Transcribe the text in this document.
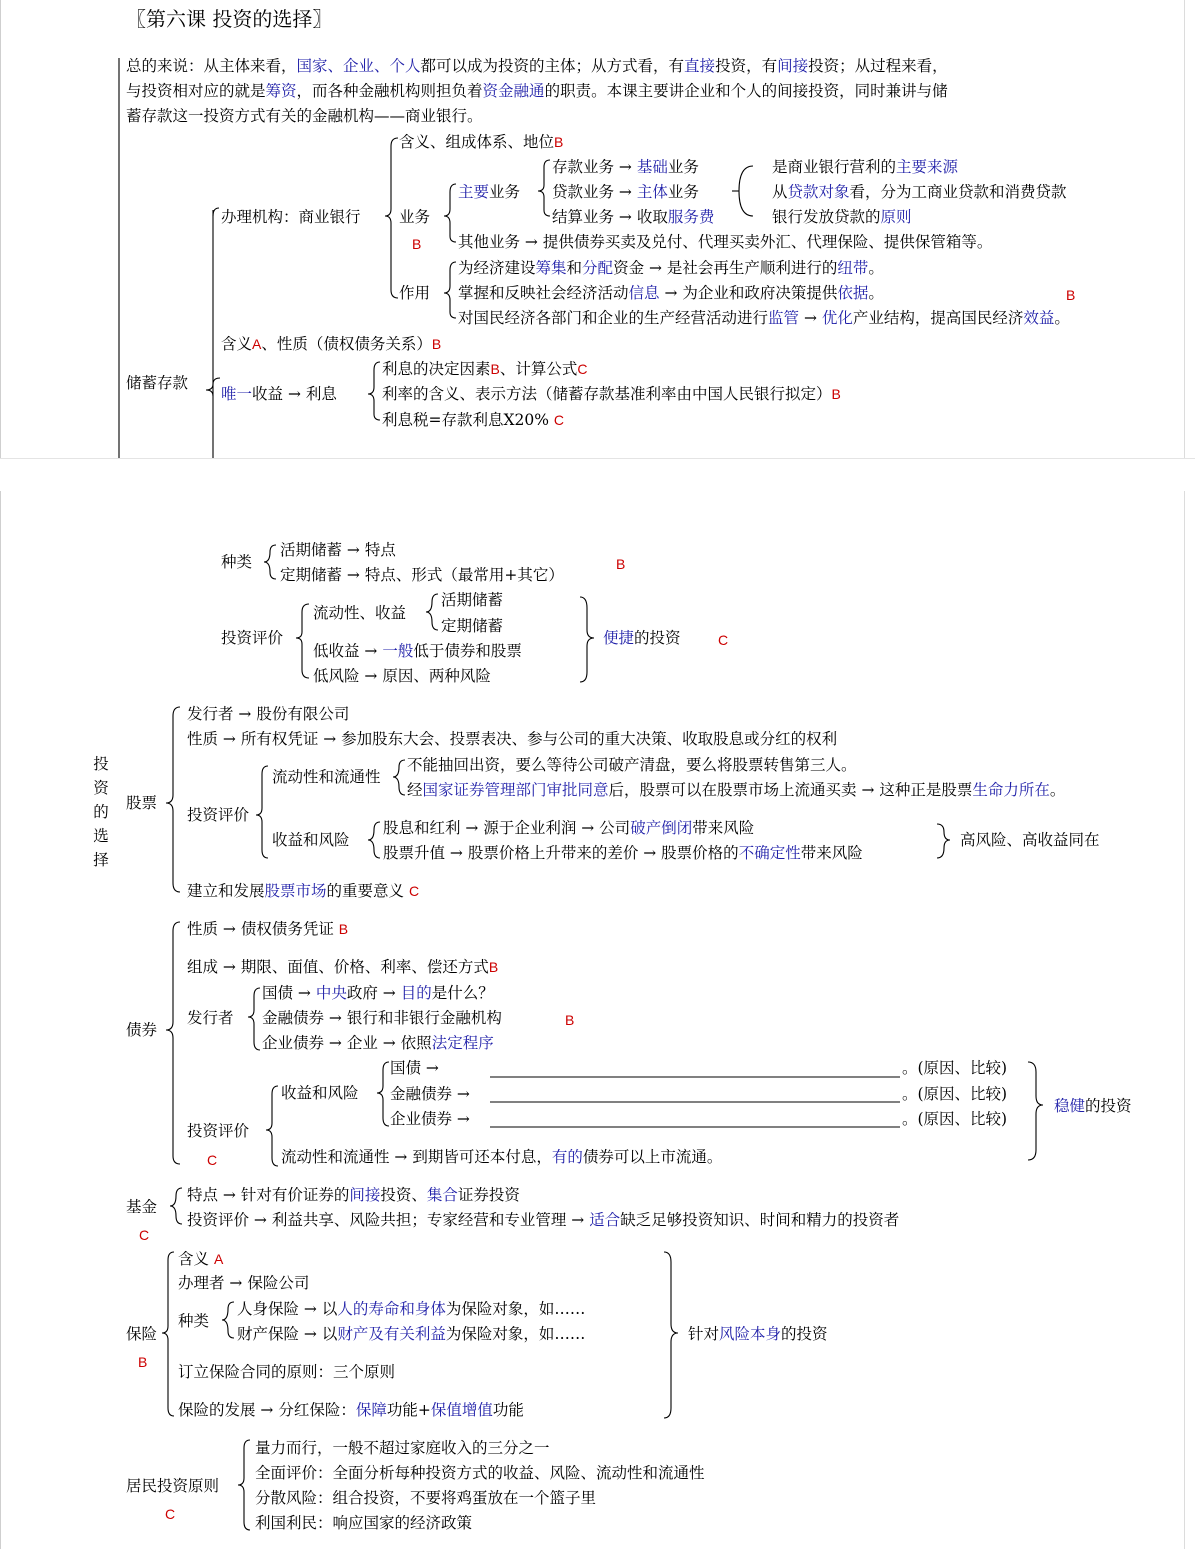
〖第六课 投资的选择〗
总的来说：从主体来看，国家、企业、个人都可以成为投资的主体；从方式看，有直接投资，有间接投资；从过程来看，
与投资相对应的就是筹资，而各种金融机构则担负着资金融通的职责。本课主要讲企业和个人的间接投资，同时兼讲与储
蓄存款这一投资方式有关的金融机构——商业银行。
储蓄存款
办理机构：商业银行
含义、组成体系、地位B
业务
B
主要业务
存款业务 → 基础业务
贷款业务 → 主体业务
结算业务 → 收取服务费
是商业银行营利的主要来源
从贷款对象看，分为工商业贷款和消费贷款
银行发放贷款的原则
其他业务 → 提供债券买卖及兑付、代理买卖外汇、代理保险、提供保管箱等。
作用
为经济建设筹集和分配资金 → 是社会再生产顺利进行的纽带。
掌握和反映社会经济活动信息 → 为企业和政府决策提供依据。	B
对国民经济各部门和企业的生产经营活动进行监管 → 优化产业结构，提高国民经济效益。
含义A、性质（债权债务关系）B
唯一收益 → 利息
利息的决定因素B、计算公式C
利率的含义、表示方法（储蓄存款基准利率由中国人民银行拟定）B
利息税=存款利息X20% C
种类
活期储蓄 → 特点
定期储蓄 → 特点、形式（最常用+其它）
B
投资评价
流动性、收益
活期储蓄
定期储蓄
低收益 → 一般低于债券和股票
低风险 → 原因、两种风险
便捷的投资	C
投
资
的
选
择
股票
发行者 → 股份有限公司
性质 → 所有权凭证 → 参加股东大会、投票表决、参与公司的重大决策、收取股息或分红的权利
投资评价
流动性和流通性
不能抽回出资，要么等待公司破产清盘，要么将股票转售第三人。
经国家证券管理部门审批同意后，股票可以在股票市场上流通买卖 → 这种正是股票生命力所在。
收益和风险
股息和红利 → 源于企业利润 → 公司破产倒闭带来风险
股票升值 → 股票价格上升带来的差价 → 股票价格的不确定性带来风险
高风险、高收益同在
建立和发展股票市场的重要意义 C
债券
性质 → 债权债务凭证 B
组成 → 期限、面值、价格、利率、偿还方式B
发行者
国债 → 中央政府 → 目的是什么？
金融债券 → 银行和非银行金融机构	B
企业债券 → 企业 → 依照法定程序
投资评价
C
收益和风险
国债 →
金融债券 →
企业债券 →
。(原因、比较)
。(原因、比较)
。(原因、比较)
稳健的投资
流动性和流通性 → 到期皆可还本付息，有的债券可以上市流通。
基金
C
特点 → 针对有价证券的间接投资、集合证券投资
投资评价 → 利益共享、风险共担；专家经营和专业管理 → 适合缺乏足够投资知识、时间和精力的投资者
保险
B
含义 A
办理者 → 保险公司
种类
人身保险 → 以人的寿命和身体为保险对象，如……
财产保险 → 以财产及有关利益为保险对象，如……
订立保险合同的原则：三个原则
保险的发展 → 分红保险：保障功能+保值增值功能
针对风险本身的投资
居民投资原则
C
量力而行，一般不超过家庭收入的三分之一
全面评价：全面分析每种投资方式的收益、风险、流动性和流通性
分散风险：组合投资，不要将鸡蛋放在一个篮子里
利国利民：响应国家的经济政策
